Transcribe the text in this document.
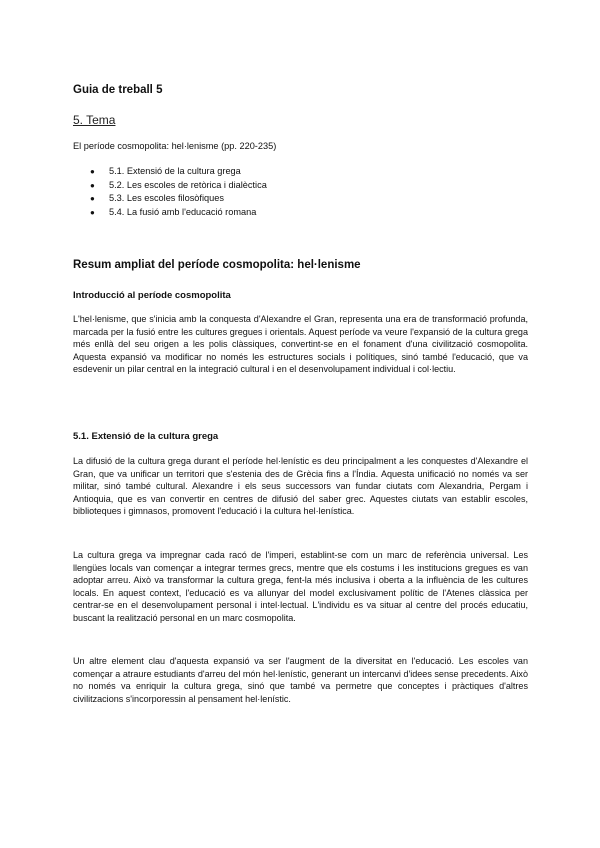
Guia de treball 5

5. Tema

El període cosmopolita: hel·lenisme (pp. 220-235)

● 5.1. Extensió de la cultura grega
● 5.2. Les escoles de retòrica i dialèctica
● 5.3. Les escoles filosòfiques
● 5.4. La fusió amb l'educació romana
Resum ampliat del període cosmopolita: hel·lenisme
Introducció al període cosmopolita

L'hel·lenisme, que s'inicia amb la conquesta d'Alexandre el Gran, representa una era de transformació profunda, marcada per la fusió entre les cultures gregues i orientals. Aquest període va veure l'expansió de la cultura grega més enllà del seu origen a les polis clàssiques, convertint-se en el fonament d'una civilització cosmopolita. Aquesta expansió va modificar no només les estructures socials i polítiques, sinó també l'educació, que va esdevenir un pilar central en la integració cultural i en el desenvolupament individual i col·lectiu.

5.1. Extensió de la cultura grega

La difusió de la cultura grega durant el període hel·lenístic es deu principalment a les conquestes d'Alexandre el Gran, que va unificar un territori que s'estenia des de Grècia fins a l'Índia. Aquesta unificació no només va ser militar, sinó també cultural. Alexandre i els seus successors van fundar ciutats com Alexandria, Pergam i Antioquia, que es van convertir en centres de difusió del saber grec. Aquestes ciutats van establir escoles, biblioteques i gimnasos, promovent l'educació i la cultura hel·lenística.

La cultura grega va impregnar cada racó de l'imperi, establint-se com un marc de referència universal. Les llengües locals van començar a integrar termes grecs, mentre que els costums i les institucions gregues es van adoptar arreu. Això va transformar la cultura grega, fent-la més inclusiva i oberta a la influència de les cultures locals. En aquest context, l'educació es va allunyar del model exclusivament polític de l'Atenes clàssica per centrar-se en el desenvolupament personal i intel·lectual. L'individu es va situar al centre del procés educatiu, buscant la realització personal en un marc cosmopolita.

Un altre element clau d'aquesta expansió va ser l'augment de la diversitat en l'educació. Les escoles van començar a atraure estudiants d'arreu del món hel·lenístic, generant un intercanvi d'idees sense precedents. Això no només va enriquir la cultura grega, sinó que també va permetre que conceptes i pràctiques d'altres civilitzacions s'incorporessin al pensament hel·lenístic.
